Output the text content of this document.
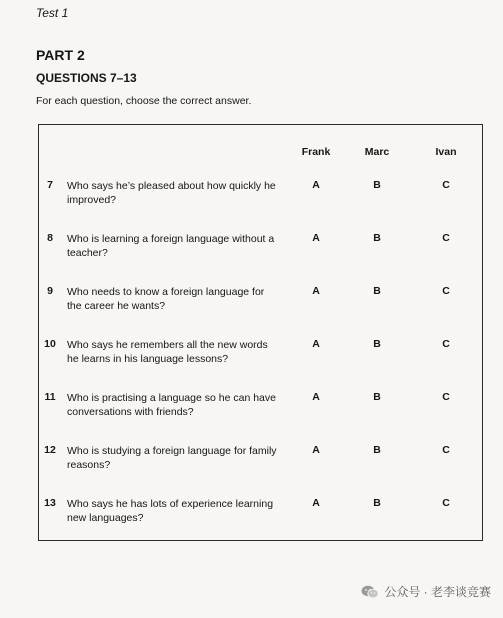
Test 1
PART 2
QUESTIONS 7–13
For each question, choose the correct answer.
Frank	Marc	Ivan
7	Who says he’s pleased about how quickly he improved?
A	B	C
8	Who is learning a foreign language without a teacher?
A	B	C
9	Who needs to know a foreign language for the career he wants?
A	B	C
10 Who says he remembers all the new words he learns in his language lessons?
A	B	C
11 Who is practising a language so he can have conversations with friends?
A	B	C
12 Who is studying a foreign language for family reasons?
A	B	C
13 Who says he has lots of experience learning new languages?
A	B	C
公众号 · 老李谈竞赛
